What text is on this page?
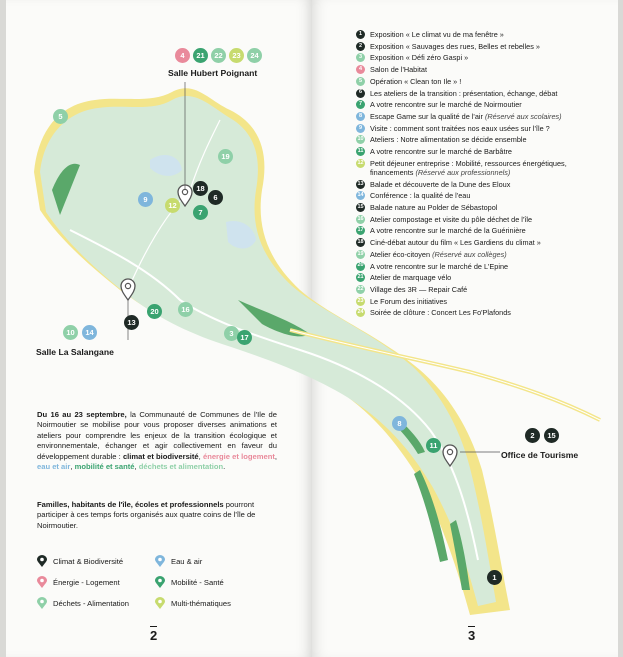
4	21	22	23	24
5
9
12
7
18
6
19
10	14
13
20	16
3 17
8
11
1
2	15
Salle Hubert Poignant
Salle La Salangane
Office de Tourisme
Du 16 au 23 septembre, la Communauté de Communes de l'Ile de Noirmoutier se mobilise pour vous proposer diverses animations et ateliers pour comprendre les enjeux de la transition écologique et environnementale, échanger et agir collectivement en faveur du développement durable : climat et biodiversité, énergie et logement, eau et air, mobilité et santé, déchets et alimentation.
Familles, habitants de l'île, écoles et professionnels pourront participer à ces temps forts organisés aux quatre coins de l'île de Noirmoutier.
Climat & Biodiversité	Eau & air
Énergie - Logement	Mobilité - Santé
Déchets - Alimentation	Multi-thématiques
2	3
1	Exposition « Le climat vu de ma fenêtre »
2	Exposition « Sauvages des rues, Belles et rebelles »
3	Exposition « Défi zéro Gaspi »
4	Salon de l'Habitat
5	Opération « Clean ton Ile » !
6	Les ateliers de la transition : présentation, échange, débat
7	A votre rencontre sur le marché de Noirmoutier
8	Escape Game sur la qualité de l'air (Réservé aux scolaires)
9	Visite : comment sont traitées nos eaux usées sur l'île ?
10 Ateliers : Notre alimentation se décide ensemble
11 A votre rencontre sur le marché de Barbâtre
12 Petit déjeuner entreprise : Mobilité, ressources énergétiques, financements (Réservé aux professionnels)
13 Balade et découverte de la Dune des Eloux
14 Conférence : la qualité de l'eau
15 Balade nature au Polder de Sébastopol
16 Atelier compostage et visite du pôle déchet de l'île
17 A votre rencontre sur le marché de la Guérinière
18 Ciné-débat autour du film « Les Gardiens du climat »
19 Atelier éco-citoyen (Réservé aux collèges)
20 A votre rencontre sur le marché de L'Epine
21 Atelier de marquage vélo
22 Village des 3R — Repair Café
23 Le Forum des initiatives
24 Soirée de clôture : Concert Les Fo'Plafonds
